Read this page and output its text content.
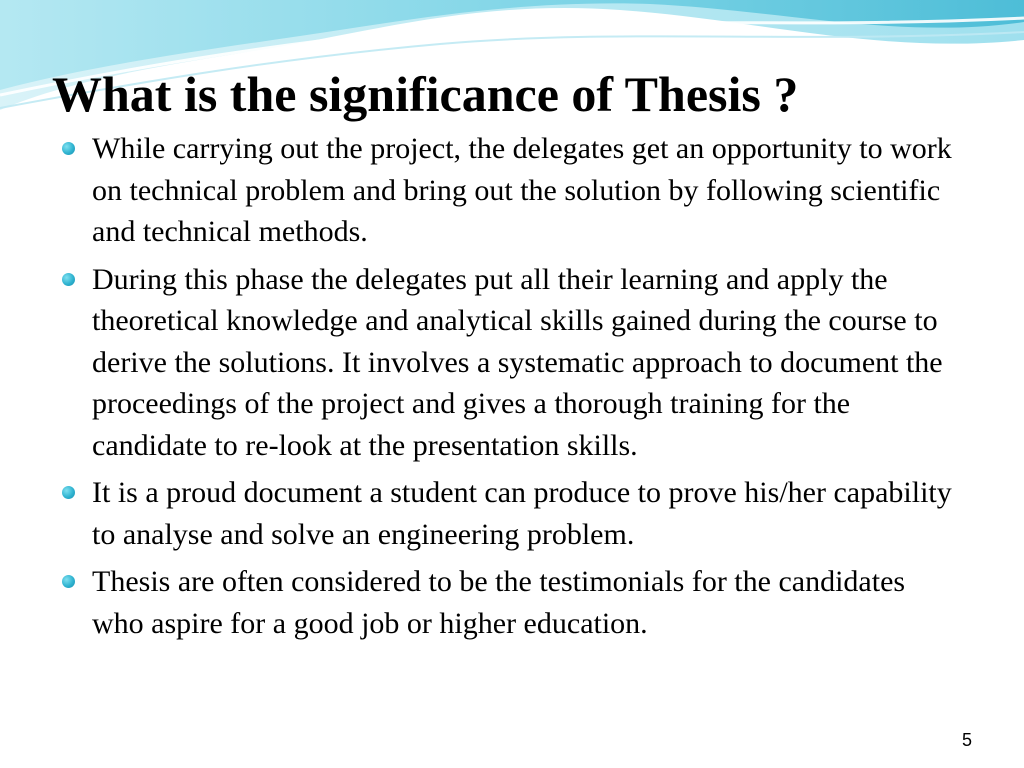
What is the significance of Thesis ?
While carrying out the project, the delegates get an opportunity to work on technical problem and bring out the solution by following scientific and technical methods.
During this phase the delegates put all their learning and apply the theoretical knowledge and analytical skills gained during the course to derive the solutions. It involves a systematic approach to document the proceedings of the project and gives a thorough training for the candidate to re-look at the presentation skills.
It is a proud document a student can produce to prove his/her capability to analyse and solve an engineering problem.
Thesis are often considered to be the testimonials for the candidates who aspire for a good job or higher education.
5
